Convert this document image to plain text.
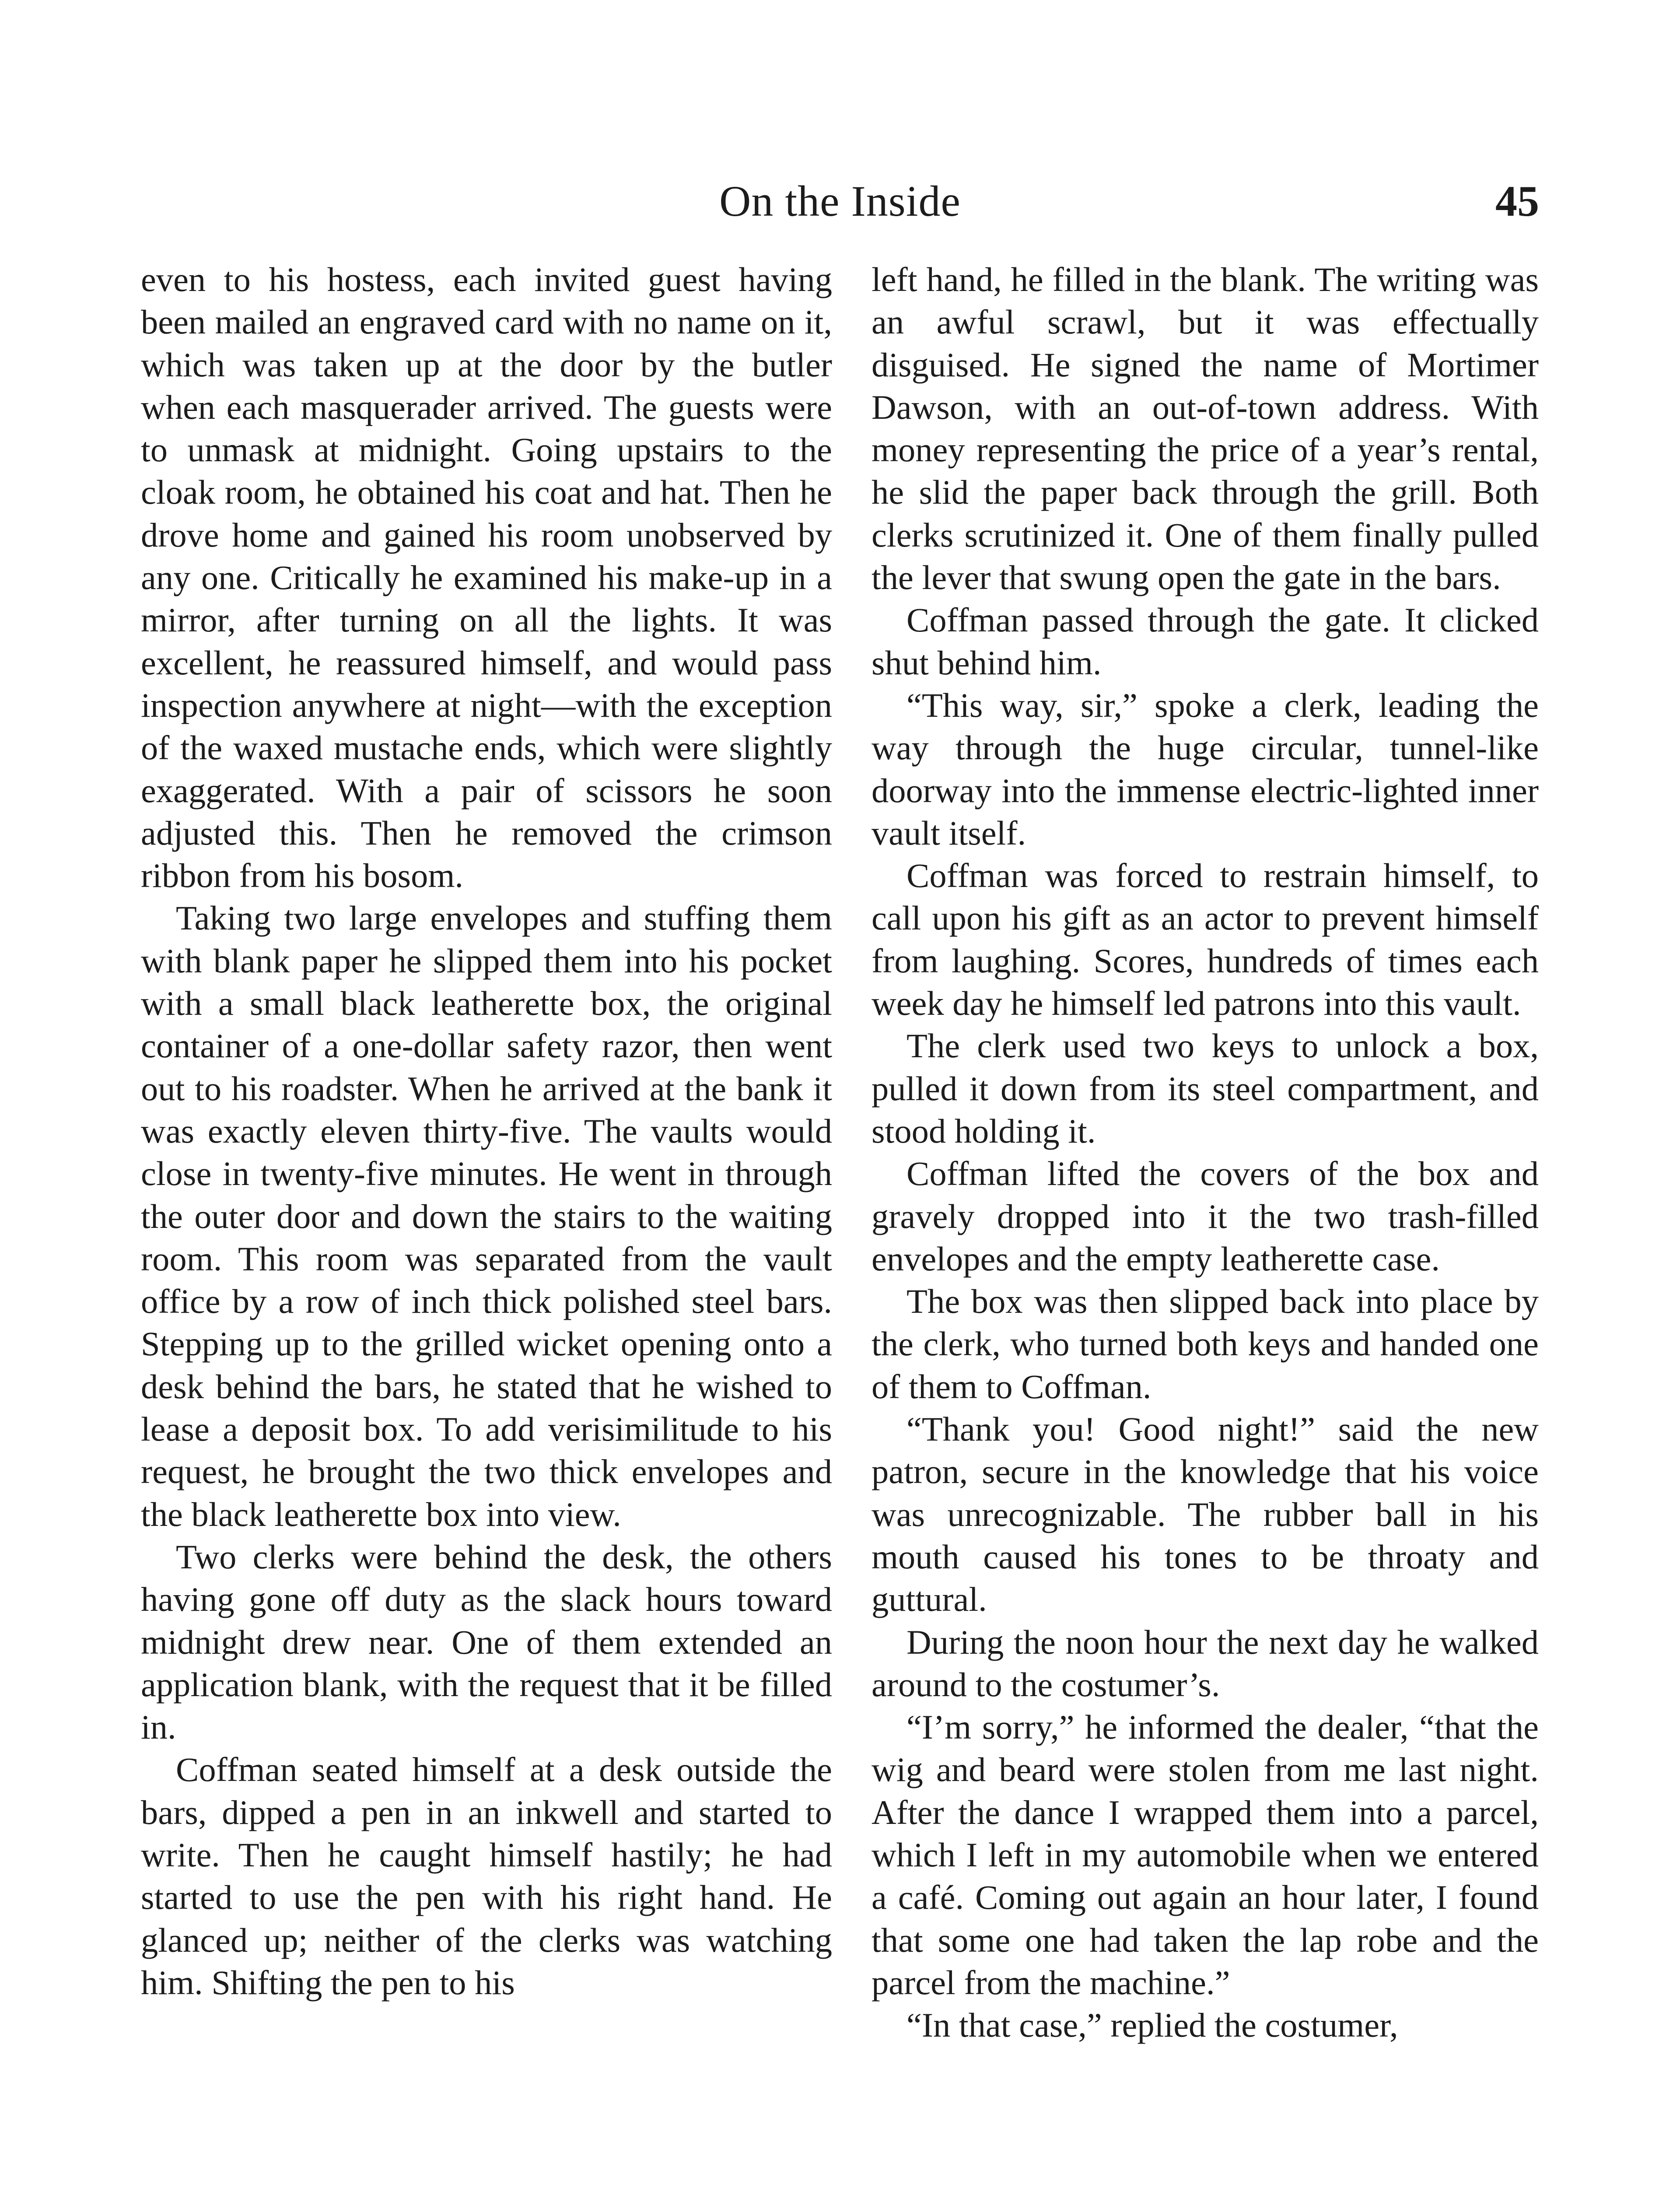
On the Inside	45

even to his hostess, each invited guest having been mailed an engraved card with no name on it, which was taken up at the door by the butler when each masquerader arrived. The guests were to unmask at midnight. Going upstairs to the cloak room, he obtained his coat and hat. Then he drove home and gained his room unobserved by any one. Critically he examined his make-up in a mirror, after turning on all the lights. It was excellent, he reassured himself, and would pass inspection anywhere at night—with the exception of the waxed mustache ends, which were slightly exaggerated. With a pair of scissors he soon adjusted this. Then he removed the crimson ribbon from his bosom.

Taking two large envelopes and stuffing them with blank paper he slipped them into his pocket with a small black leatherette box, the original container of a one-dollar safety razor, then went out to his roadster. When he arrived at the bank it was exactly eleven thirty-five. The vaults would close in twenty-five minutes. He went in through the outer door and down the stairs to the waiting room. This room was separated from the vault office by a row of inch thick polished steel bars. Stepping up to the grilled wicket opening onto a desk behind the bars, he stated that he wished to lease a deposit box. To add verisimilitude to his request, he brought the two thick envelopes and the black leatherette box into view.

Two clerks were behind the desk, the others having gone off duty as the slack hours toward midnight drew near. One of them extended an application blank, with the request that it be filled in.

Coffman seated himself at a desk outside the bars, dipped a pen in an inkwell and started to write. Then he caught himself hastily; he had started to use the pen with his right hand. He glanced up; neither of the clerks was watching him. Shifting the pen to his

left hand, he filled in the blank. The writing was an awful scrawl, but it was effectually disguised. He signed the name of Mortimer Dawson, with an out-of-town address. With money representing the price of a year’s rental, he slid the paper back through the grill. Both clerks scrutinized it. One of them finally pulled the lever that swung open the gate in the bars.

Coffman passed through the gate. It clicked shut behind him.

“This way, sir,” spoke a clerk, leading the way through the huge circular, tunnel-like doorway into the immense electric-lighted inner vault itself.

Coffman was forced to restrain himself, to call upon his gift as an actor to prevent himself from laughing. Scores, hundreds of times each week day he himself led patrons into this vault.

The clerk used two keys to unlock a box, pulled it down from its steel compartment, and stood holding it.

Coffman lifted the covers of the box and gravely dropped into it the two trash-filled envelopes and the empty leatherette case.

The box was then slipped back into place by the clerk, who turned both keys and handed one of them to Coffman.

“Thank you! Good night!” said the new patron, secure in the knowledge that his voice was unrecognizable. The rubber ball in his mouth caused his tones to be throaty and guttural.

During the noon hour the next day he walked around to the costumer’s.

“I’m sorry,” he informed the dealer, “that the wig and beard were stolen from me last night. After the dance I wrapped them into a parcel, which I left in my automobile when we entered a café. Coming out again an hour later, I found that some one had taken the lap robe and the parcel from the machine.”

“In that case,” replied the costumer,
